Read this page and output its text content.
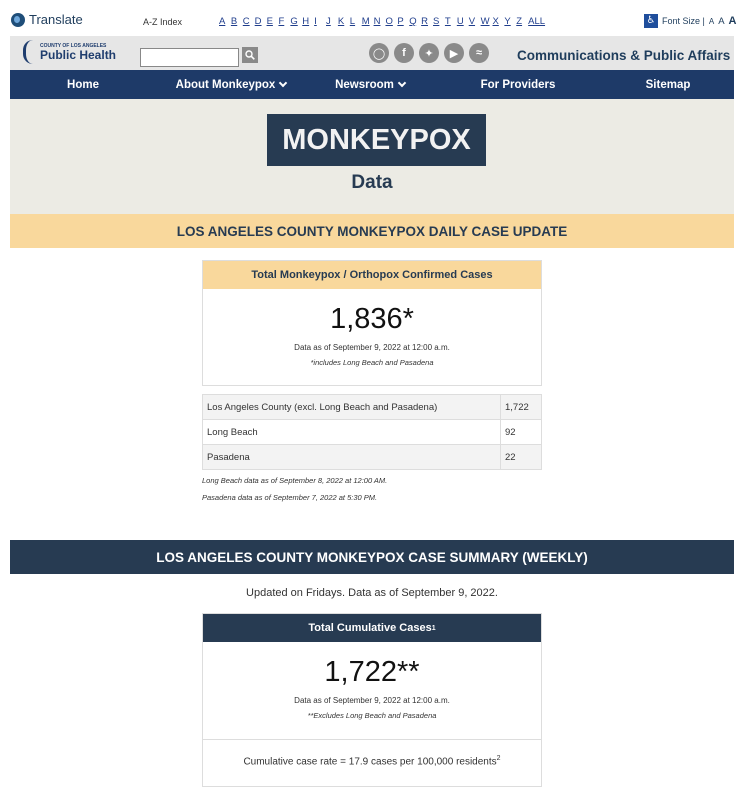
Translate	A-Z Index	A B C D E F G H I J K L M N O P Q R S T U V W X Y Z ALL	♿ Font Size | A A A
COUNTY OF LOS ANGELES
Public Health	◯	f	✦	▶	≈	Communications & Public Affairs
Home	About Monkeypox	Newsroom	For Providers	Sitemap
MONKEYPOX
Data
LOS ANGELES COUNTY MONKEYPOX DAILY CASE UPDATE
Total Monkeypox / Orthopox Confirmed Cases
1,836*
Data as of September 9, 2022 at 12:00 a.m.
*includes Long Beach and Pasadena
Los Angeles County (excl. Long Beach and Pasadena)	1,722
Long Beach	92
Pasadena	22
Long Beach data as of September 8, 2022 at 12:00 AM.
Pasadena data as of September 7, 2022 at 5:30 PM.
LOS ANGELES COUNTY MONKEYPOX CASE SUMMARY (WEEKLY)
Updated on Fridays. Data as of September 9, 2022.
Total Cumulative Cases 1
1,722**
Data as of September 9, 2022 at 12:00 a.m.
**Excludes Long Beach and Pasadena
Cumulative case rate = 17.9 cases per 100,000 residents$^2$
